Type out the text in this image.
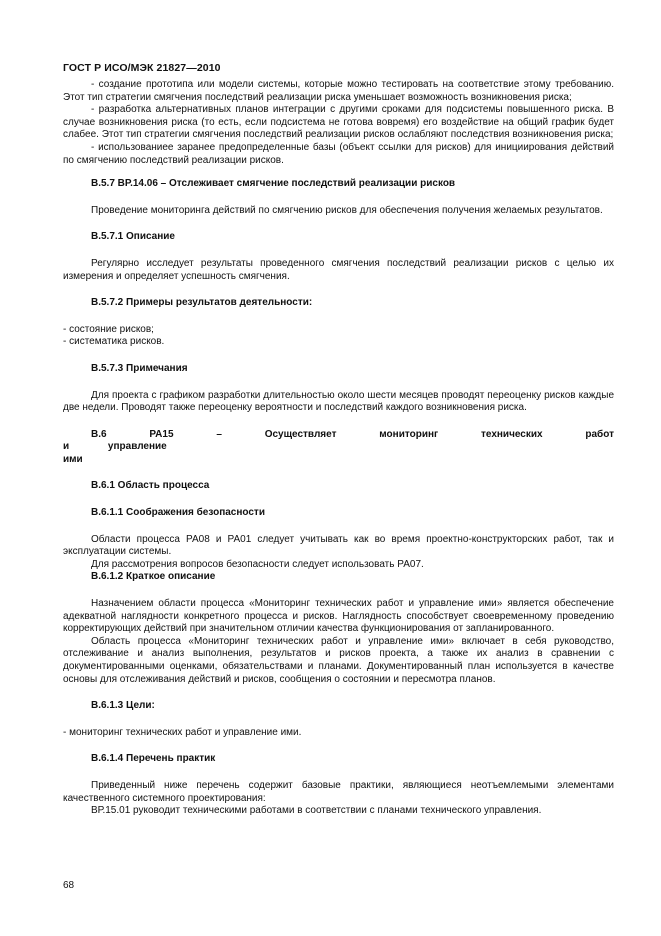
ГОСТ Р ИСО/МЭК 21827—2010

- создание прототипа или модели системы, которые можно тестировать на соответствие этому требованию. Этот тип стратегии смягчения последствий реализации риска уменьшает возможность возникновения риска;

- разработка альтернативных планов интеграции с другими сроками для подсистемы повышенного риска. В случае возникновения риска (то есть, если подсистема не готова вовремя) его воздействие на общий график будет слабее. Этот тип стратегии смягчения последствий реализации рисков ослабляют последствия возникновения риска;

- использованиее заранее предопределенные базы (объект ссылки для рисков) для инициирования действий по смягчению последствий реализации рисков.

В.5.7 ВР.14.06 – Отслеживает смягчение последствий реализации рисков

Проведение мониторинга действий по смягчению рисков для обеспечения получения желаемых результатов.

В.5.7.1 Описание

Регулярно исследует результаты проведенного смягчения последствий реализации рисков с целью их измерения и определяет успешность смягчения.

В.5.7.2 Примеры результатов деятельности:

- состояние рисков;

- систематика рисков.

В.5.7.3 Примечания

Для проекта с графиком разработки длительностью около шести месяцев проводят переоценку рисков каждые две недели. Проводят также переоценку вероятности и последствий каждого возникновения риска.

В.6 РА15 – Осуществляет мониторинг технических работ и управление

ими

В.6.1 Область процесса

В.6.1.1 Соображения безопасности

Области процесса РА08 и РА01 следует учитывать как во время проектно-конструкторских работ, так и эксплуатации системы.

Для рассмотрения вопросов безопасности следует использовать РА07.

В.6.1.2 Краткое описание

Назначением области процесса «Мониторинг технических работ и управление ими» является обеспечение адекватной наглядности конкретного процесса и рисков. Наглядность способствует своевременному проведению корректирующих действий при значительном отличии качества функционирования от запланированного.

Область процесса «Мониторинг технических работ и управление ими» включает в себя руководство, отслеживание и анализ выполнения, результатов и рисков проекта, а также их анализ в сравнении с документированными оценками, обязательствами и планами. Документированный план используется в качестве основы для отслеживания действий и рисков, сообщения о состоянии и пересмотра планов.

В.6.1.3 Цели:

- мониторинг технических работ и управление ими.

В.6.1.4 Перечень практик

Приведенный ниже перечень содержит базовые практики, являющиеся неотъемлемыми элементами качественного системного проектирования:

ВР.15.01 руководит техническими работами в соответствии с планами технического управления.

68
